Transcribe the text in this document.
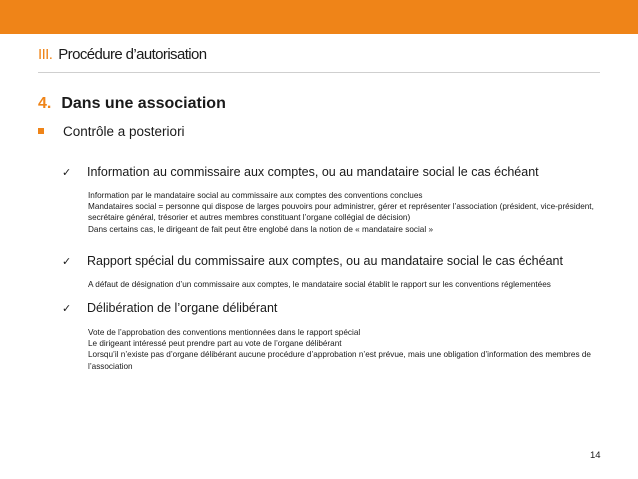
III. Procédure d’autorisation
4. Dans une association
Contrôle a posteriori
✓ Information au commissaire aux comptes, ou au mandataire social le cas échéant
Information par le mandataire social au commissaire aux comptes des conventions conclues
Mandataires social = personne qui dispose de larges pouvoirs pour administrer, gérer et représenter l’association (président, vice-président, secrétaire général, trésorier et autres membres constituant l’organe collégial de décision)
Dans certains cas, le dirigeant de fait peut être englobé dans la notion de « mandataire social »
✓ Rapport spécial du commissaire aux comptes, ou au mandataire social le cas échéant
A défaut de désignation d’un commissaire aux comptes, le mandataire social établit le rapport sur les conventions réglementées
✓ Délibération de l’organe délibérant
Vote de l’approbation des conventions mentionnées dans le rapport spécial
Le dirigeant intéressé peut prendre part au vote de l’organe délibérant
Lorsqu’il n’existe pas d’organe délibérant aucune procédure d’approbation n’est prévue, mais une obligation d’information des membres de l’association
14
